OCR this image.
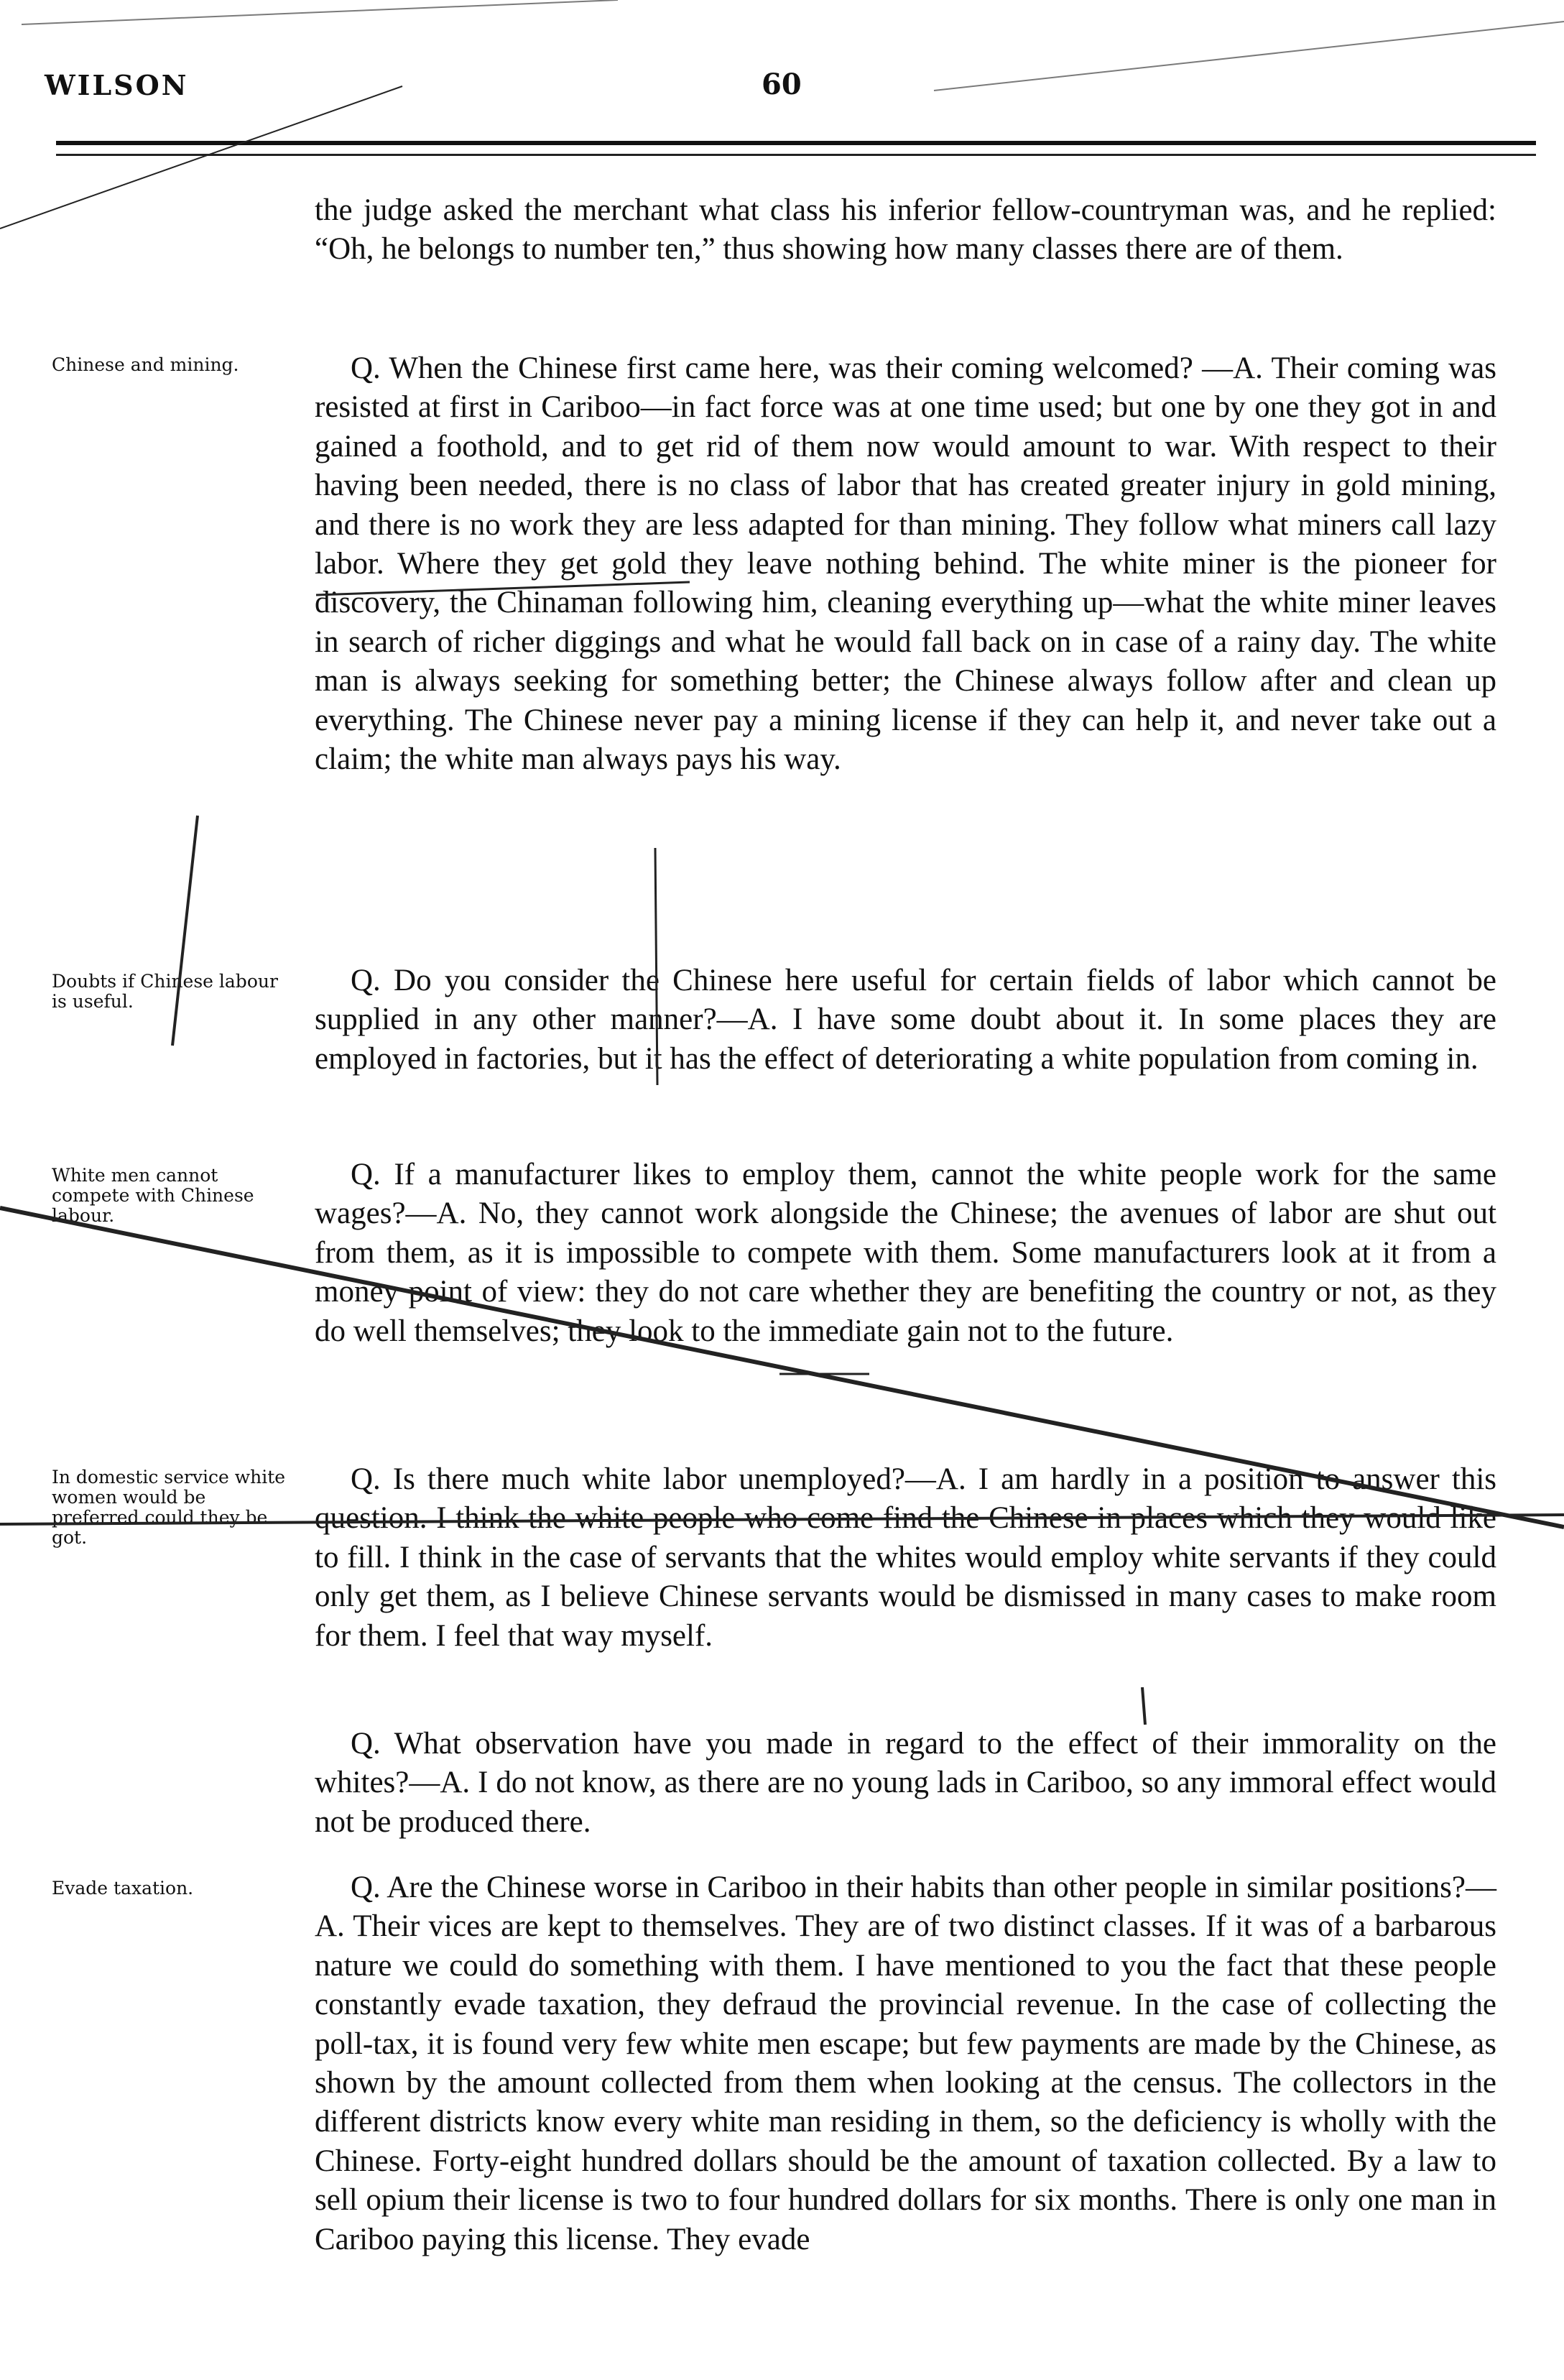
WILSON	60
Chinese and mining.
Doubts if Chinese labour is useful.
White men cannot compete with Chinese labour.
In domestic service white women would be preferred could they be got.
Evade taxation.

the judge asked the merchant what class his inferior fellow-countryman was, and he replied: “Oh, he belongs to number ten,” thus showing how many classes there are of them.

Q. When the Chinese first came here, was their coming welcomed? —A. Their coming was resisted at first in Cariboo—in fact force was at one time used; but one by one they got in and gained a foothold, and to get rid of them now would amount to war. With respect to their having been needed, there is no class of labor that has created greater injury in gold mining, and there is no work they are less adapted for than mining. They follow what miners call lazy labor. Where they get gold they leave nothing behind. The white miner is the pioneer for discovery, the Chinaman following him, cleaning everything up—what the white miner leaves in search of richer diggings and what he would fall back on in case of a rainy day. The white man is always seeking for something better; the Chinese always follow after and clean up everything. The Chinese never pay a mining license if they can help it, and never take out a claim; the white man always pays his way.

Q. Do you consider the Chinese here useful for certain fields of labor which cannot be supplied in any other manner?—A. I have some doubt about it. In some places they are employed in factories, but it has the effect of deteriorating a white population from coming in.

Q. If a manufacturer likes to employ them, cannot the white people work for the same wages?—A. No, they cannot work alongside the Chinese; the avenues of labor are shut out from them, as it is impossible to compete with them. Some manufacturers look at it from a money point of view: they do not care whether they are benefiting the country or not, as they do well themselves; they look to the immediate gain not to the future.

Q. Is there much white labor unemployed?—A. I am hardly in a position to answer this question. I think the white people who come find the Chinese in places which they would like to fill. I think in the case of servants that the whites would employ white servants if they could only get them, as I believe Chinese servants would be dismissed in many cases to make room for them. I feel that way myself.

Q. What observation have you made in regard to the effect of their immorality on the whites?—A. I do not know, as there are no young lads in Cariboo, so any immoral effect would not be produced there.

Q. Are the Chinese worse in Cariboo in their habits than other people in similar positions?—A. Their vices are kept to themselves. They are of two distinct classes. If it was of a barbarous nature we could do something with them. I have mentioned to you the fact that these people constantly evade taxation, they defraud the provincial revenue. In the case of collecting the poll-tax, it is found very few white men escape; but few payments are made by the Chinese, as shown by the amount collected from them when looking at the census. The collectors in the different districts know every white man residing in them, so the deficiency is wholly with the Chinese. Forty-eight hundred dollars should be the amount of taxation collected. By a law to sell opium their license is two to four hundred dollars for six months. There is only one man in Cariboo paying this license. They evade
